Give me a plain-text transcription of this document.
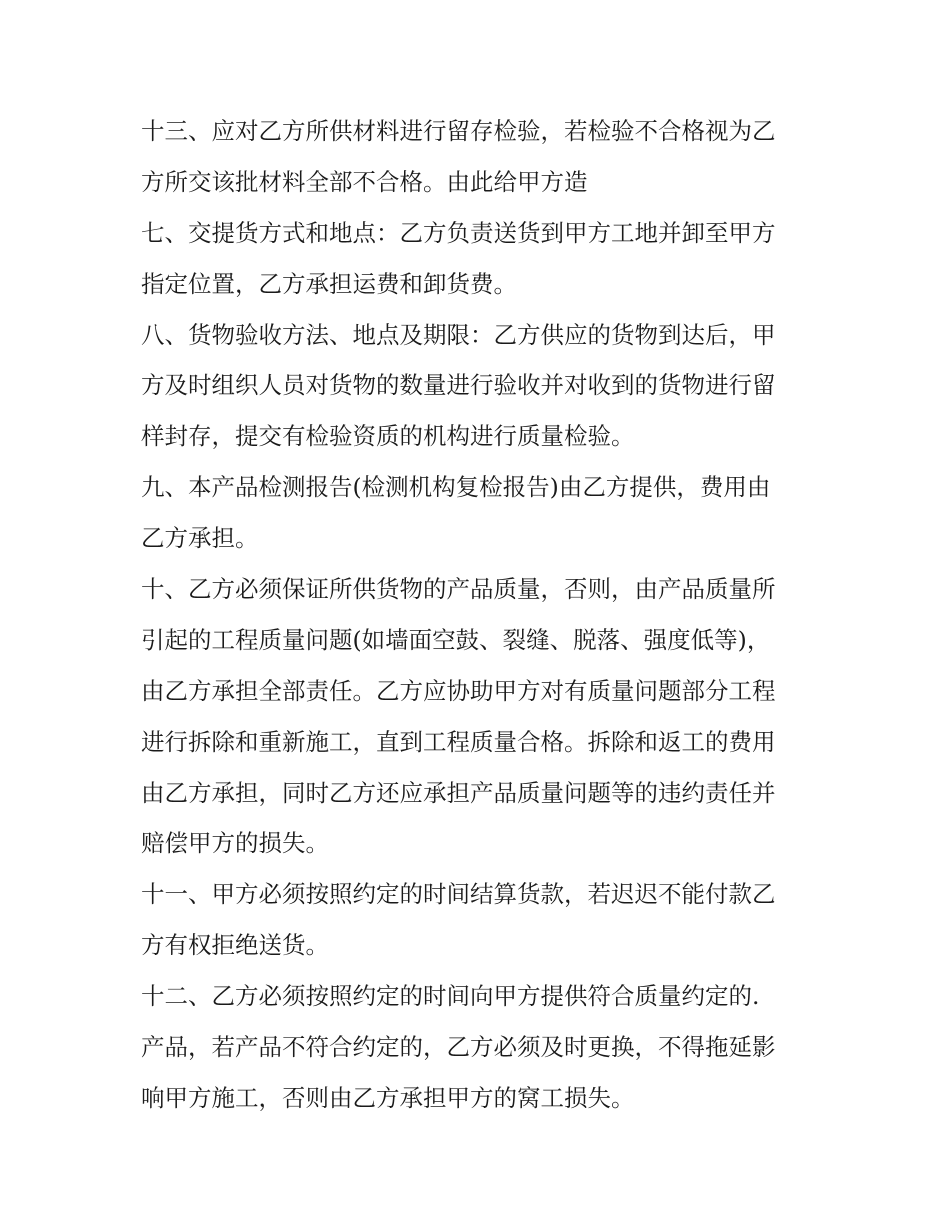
十三、应对乙方所供材料进行留存检验，若检验不合格视为乙
方所交该批材料全部不合格。由此给甲方造
七、交提货方式和地点：乙方负责送货到甲方工地并卸至甲方
指定位置，乙方承担运费和卸货费。
八、货物验收方法、地点及期限：乙方供应的货物到达后，甲
方及时组织人员对货物的数量进行验收并对收到的货物进行留
样封存，提交有检验资质的机构进行质量检验。
九、本产品检测报告(检测机构复检报告)由乙方提供，费用由
乙方承担。
十、乙方必须保证所供货物的产品质量，否则，由产品质量所
引起的工程质量问题(如墙面空鼓、裂缝、脱落、强度低等)，
由乙方承担全部责任。乙方应协助甲方对有质量问题部分工程
进行拆除和重新施工，直到工程质量合格。拆除和返工的费用
由乙方承担，同时乙方还应承担产品质量问题等的违约责任并
赔偿甲方的损失。
十一、甲方必须按照约定的时间结算货款，若迟迟不能付款乙
方有权拒绝送货。
十二、乙方必须按照约定的时间向甲方提供符合质量约定的.
产品，若产品不符合约定的，乙方必须及时更换，不得拖延影
响甲方施工，否则由乙方承担甲方的窝工损失。
